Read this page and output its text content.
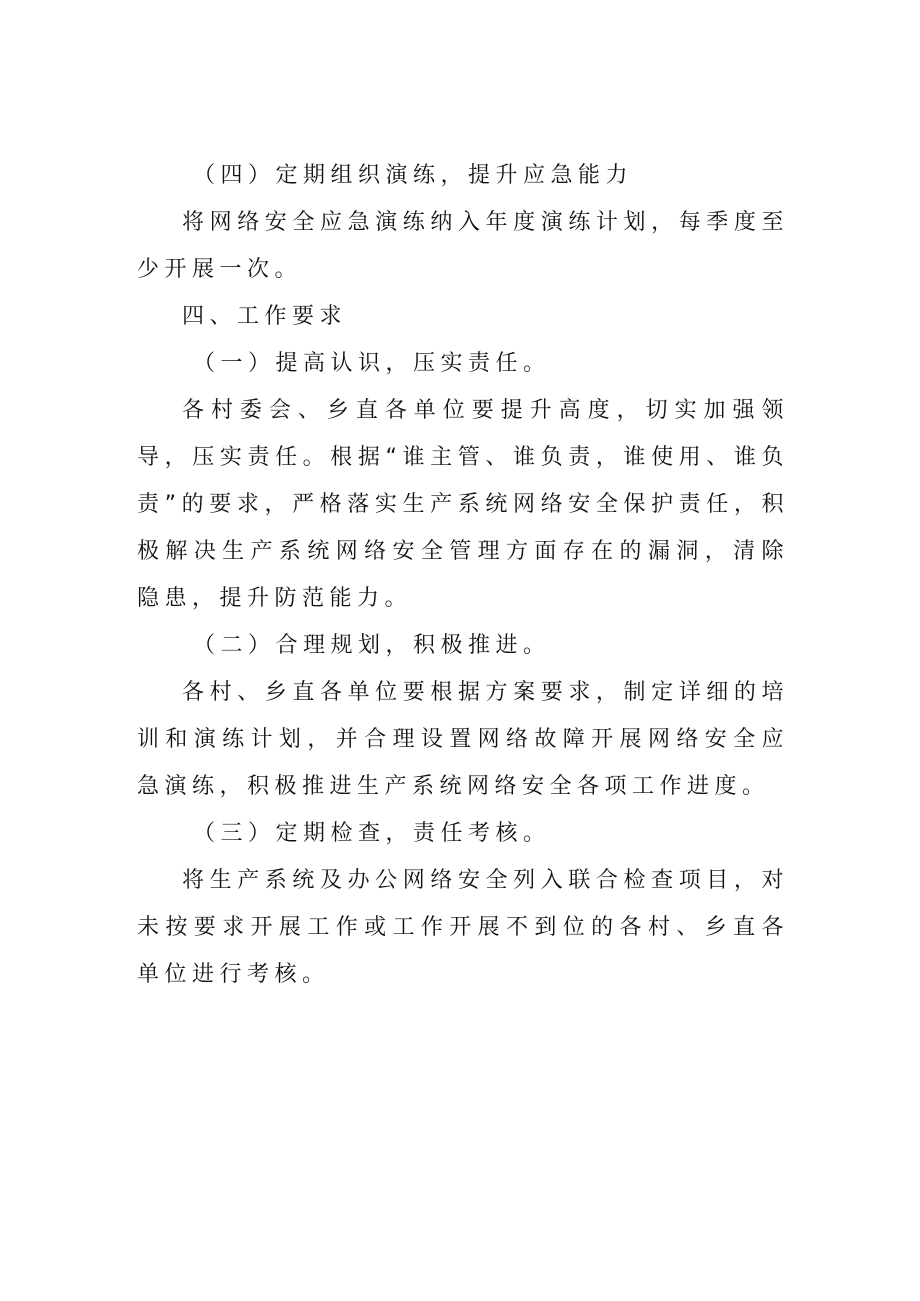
（四）定期组织演练，提升应急能力

将网络安全应急演练纳入年度演练计划，每季度至少开展一次。

四、工作要求

（一）提高认识，压实责任。

各村委会、乡直各单位要提升高度，切实加强领导，压实责任。根据“谁主管、谁负责，谁使用、谁负责”的要求，严格落实生产系统网络安全保护责任，积极解决生产系统网络安全管理方面存在的漏洞，清除隐患，提升防范能力。

（二）合理规划，积极推进。

各村、乡直各单位要根据方案要求，制定详细的培训和演练计划，并合理设置网络故障开展网络安全应急演练，积极推进生产系统网络安全各项工作进度。

（三）定期检查，责任考核。

将生产系统及办公网络安全列入联合检查项目，对未按要求开展工作或工作开展不到位的各村、乡直各单位进行考核。
